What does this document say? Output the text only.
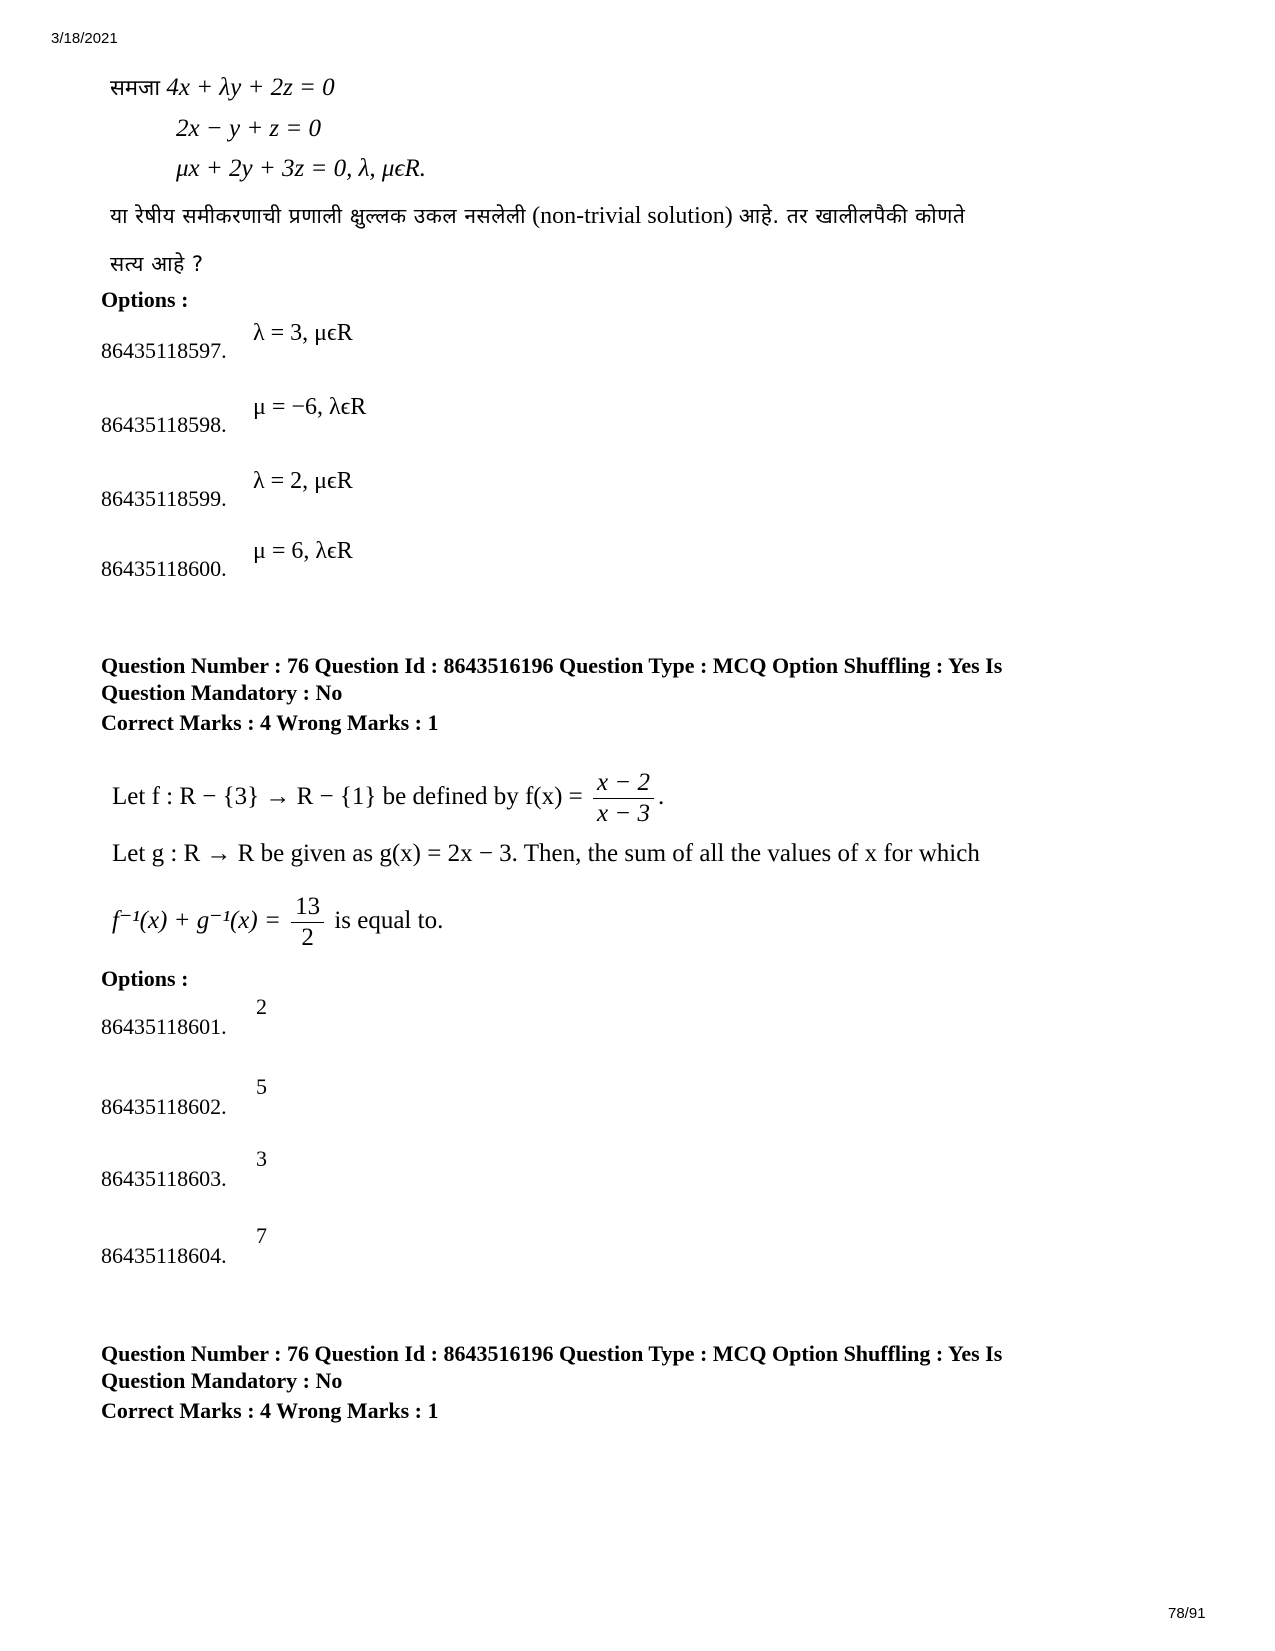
3/18/2021
समजा 4x + λy + 2z = 0
2x − y + z = 0
μx + 2y + 3z = 0, λ, μϵR.
या रेषीय समीकरणाची प्रणाली क्षुल्लक उकल नसलेली (non-trivial solution) आहे. तर खालीलपैकी कोणते
सत्य आहे ?
Options :
86435118597.
λ = 3, μϵR
86435118598.
μ = −6, λϵR
86435118599.
λ = 2, μϵR
86435118600.
μ = 6, λϵR
Question Number : 76 Question Id : 8643516196 Question Type : MCQ Option Shuffling : Yes Is
Question Mandatory : No
Correct Marks : 4 Wrong Marks : 1
Let f : R − {3} → R − {1} be defined by $f(x) = \frac{x - 2}{x - 3}$ .
Let g : R → R be given as g(x) = 2x − 3. Then, the sum of all the values of x for which
$f^{-1}(x) + g^{-1}(x) = \frac{13}{2}$ is equal to.
Options :
86435118601.
2
86435118602.
5
86435118603.
3
86435118604.
7
Question Number : 76 Question Id : 8643516196 Question Type : MCQ Option Shuffling : Yes Is
Question Mandatory : No
Correct Marks : 4 Wrong Marks : 1
78/91
